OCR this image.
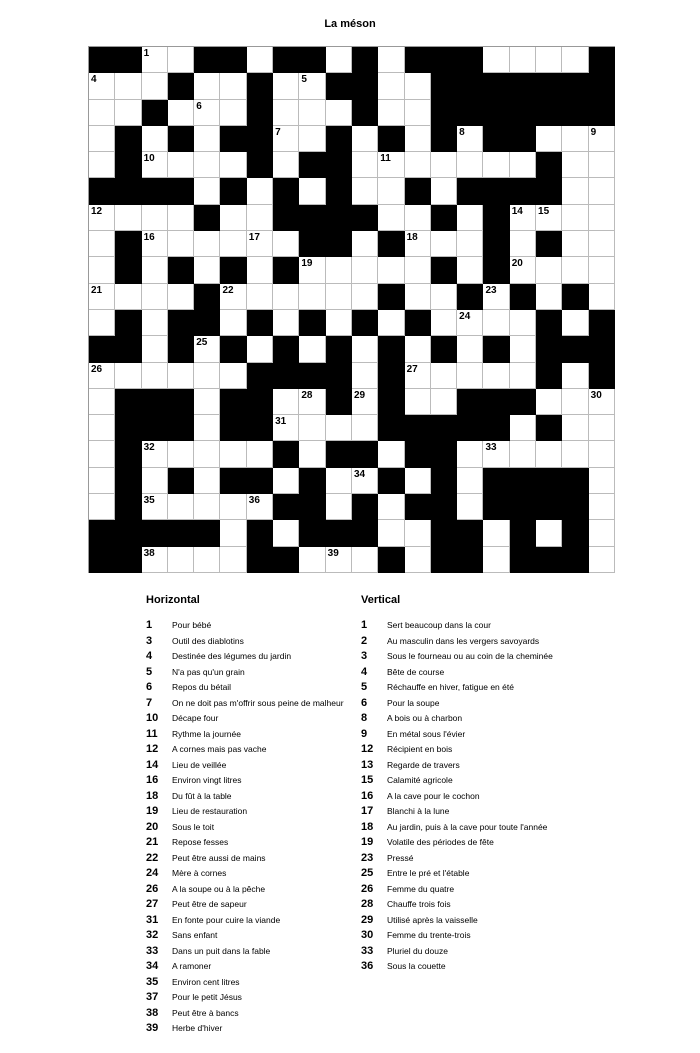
La méson
1	2	3
4	5
6
7	8	9
10	11
12	13	14 15
16	17	18
19	20
21	22	23
24
25
26	27
28	29	30
31
32	33
34
35	36
37
38	39
Horizontal
1	Pour bébé
3	Outil des diablotins
4	Destinée des légumes du jardin
5	N'a pas qu'un grain
6	Repos du bétail
7	On ne doit pas m'offrir sous peine de malheur
10	Décape four
11	Rythme la journée
12	A cornes mais pas vache
14	Lieu de veillée
16	Environ vingt litres
18	Du fût à la table
19	Lieu de restauration
20	Sous le toit
21	Repose fesses
22	Peut être aussi de mains
24	Mère à cornes
26	A la soupe ou à la pêche
27	Peut être de sapeur
31	En fonte pour cuire la viande
32	Sans enfant
33	Dans un puit dans la fable
34	A ramoner
35	Environ cent litres
37	Pour le petit Jésus
38	Peut être à bancs
39	Herbe d'hiver
Vertical
1	Sert beaucoup dans la cour
2	Au masculin dans les vergers savoyards
3	Sous le fourneau ou au coin de la cheminée
4	Bête de course
5	Réchauffe en hiver, fatigue en été
6	Pour la soupe
8	A bois ou à charbon
9	En métal sous l'évier
12	Récipient en bois
13	Regarde de travers
15	Calamité agricole
16	A la cave pour le cochon
17	Blanchi à la lune
18	Au jardin, puis à la cave pour toute l'année
19	Volatile des périodes de fête
23	Pressé
25	Entre le pré et l'étable
26	Femme du quatre
28	Chauffe trois fois
29	Utilisé après la vaisselle
30	Femme du trente-trois
33	Pluriel du douze
36	Sous la couette
